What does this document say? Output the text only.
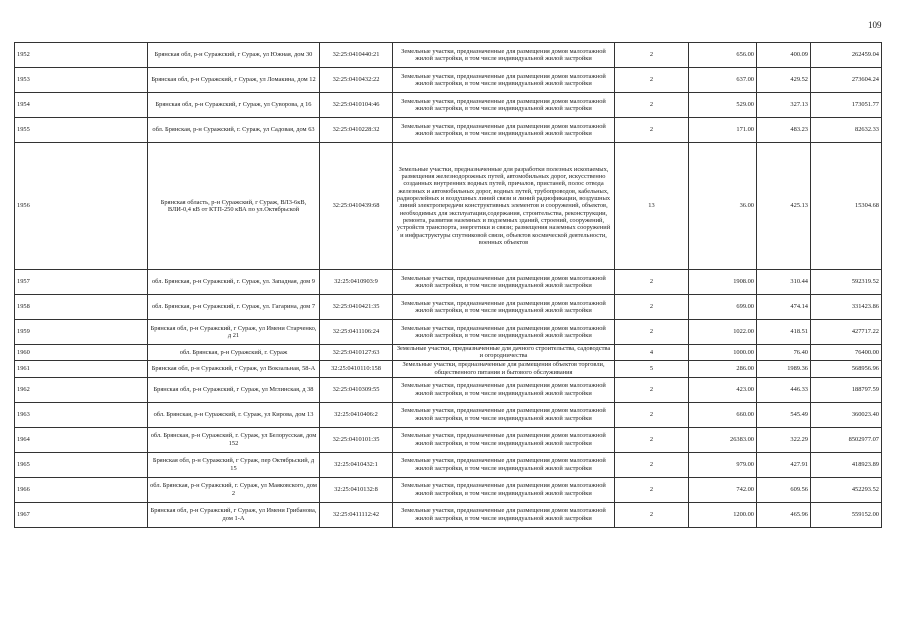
109
1952	Брянская обл, р-н Суражский, г Сураж, ул Южная, дом 30	32:25:0410440:21	Земельные участки, предназначенные для размещения домов малоэтажной жилой застройки, в том числе индивидуальной жилой застройки	2	656.00	400.09	262459.04
1953	Брянская обл, р-н Суражский, г Сураж, ул Ломакина, дом 12	32:25:0410432:22	Земельные участки, предназначенные для размещения домов малоэтажной жилой застройки, в том числе индивидуальной жилой застройки	2	637.00	429.52	273604.24
1954	Брянская обл, р-н Суражский, г Сураж, ул Суворова, д 16	32:25:0410104:46	Земельные участки, предназначенные для размещения домов малоэтажной жилой застройки, в том числе индивидуальной жилой застройки	2	529.00	327.13	173051.77
1955	обл. Брянская, р-н Суражский, г. Сураж, ул Садовая, дом 63	32:25:0410228:32	Земельные участки, предназначенные для размещения домов малоэтажной жилой застройки, в том числе индивидуальной жилой застройки	2	171.00	483.23	82632.33
1956	Брянская область, р-н Суражский, г Сураж, ВЛ3-6кВ, ВЛИ-0,4 кВ от КТП-250 кВА по ул.Октябрьской	32:25:0410439:68	Земельные участки, предназначенные для разработки полезных ископаемых, размещения железнодорожных путей, автомобильных дорог, искусственно созданных внутренних водных путей, причалов, пристаней, полос отвода железных и автомобильных дорог, водных путей, трубопроводов, кабельных, радиорелейных и воздушных линий связи и линий радиофикации, воздушных линий электропередачи конструктивных элементов и сооружений, объектов, необходимых для эксплуатации,содержания, строительства, реконструкции, ремонта, развития наземных и подземных зданий, строений, сооружений, устройств транспорта, энергетики и связи; размещения наземных сооружений и инфраструктуры спутниковой связи, объектов космической деятельности, военных объектов	13	36.00	425.13	15304.68
1957	обл. Брянская, р-н Суражский, г. Сураж, ул. Западная, дом 9	32:25:0410903:9	Земельные участки, предназначенные для размещения домов малоэтажной жилой застройки, в том числе индивидуальной жилой застройки	2	1908.00	310.44	592319.52
1958	обл. Брянская, р-н Суражский, г. Сураж, ул. Гагарина, дом 7	32:25:0410421:35	Земельные участки, предназначенные для размещения домов малоэтажной жилой застройки, в том числе индивидуальной жилой застройки	2	699.00	474.14	331423.86
1959	Брянская обл, р-н Суражский, г Сураж, ул Имени Старченко, д 21	32:25:0411106:24	Земельные участки, предназначенные для размещения домов малоэтажной жилой застройки, в том числе индивидуальной жилой застройки	2	1022.00	418.51	427717.22
1960	обл. Брянская, р-н Суражский, г. Сураж	32:25:0410127:63	Земельные участки, предназначенные для дачного строительства, садоводства и огородничества	4	1000.00	76.40	76400.00
1961	Брянская обл, р-н Суражский, г Сураж, ул Вокзальная, 58-А	32:25:0410110:158	Земельные участки, предназначенные для размещения объектов торговли, общественного питания и бытового обслуживания	5	286.00	1989.36	568956.96
1962	Брянская обл, р-н Суражский, г Сураж, ул Мглинская, д 38	32:25:0410309:55	Земельные участки, предназначенные для размещения домов малоэтажной жилой застройки, в том числе индивидуальной жилой застройки	2	423.00	446.33	188797.59
1963	обл. Брянская, р-н Суражский, г. Сураж, ул Кирова, дом 13	32:25:0410406:2	Земельные участки, предназначенные для размещения домов малоэтажной жилой застройки, в том числе индивидуальной жилой застройки	2	660.00	545.49	360023.40
1964	обл. Брянская, р-н Суражский, г. Сураж, ул Белорусская, дом 152	32:25:0410101:35	Земельные участки, предназначенные для размещения домов малоэтажной жилой застройки, в том числе индивидуальной жилой застройки	2	26383.00	322.29	8502977.07
1965	Брянская обл, р-н Суражский, г Сураж, пер Октябрьский, д 15	32:25:0410432:1	Земельные участки, предназначенные для размещения домов малоэтажной жилой застройки, в том числе индивидуальной жилой застройки	2	979.00	427.91	418923.89
1966	обл. Брянская, р-н Суражский, г. Сураж, ул Маяковского, дом 2	32:25:0410132:8	Земельные участки, предназначенные для размещения домов малоэтажной жилой застройки, в том числе индивидуальной жилой застройки	2	742.00	609.56	452293.52
1967	Брянская обл, р-н Суражский, г Сураж, ул Имени Грибанова, дом 1-А	32:25:0411112:42	Земельные участки, предназначенные для размещения домов малоэтажной жилой застройки, в том числе индивидуальной жилой застройки	2	1200.00	465.96	559152.00
